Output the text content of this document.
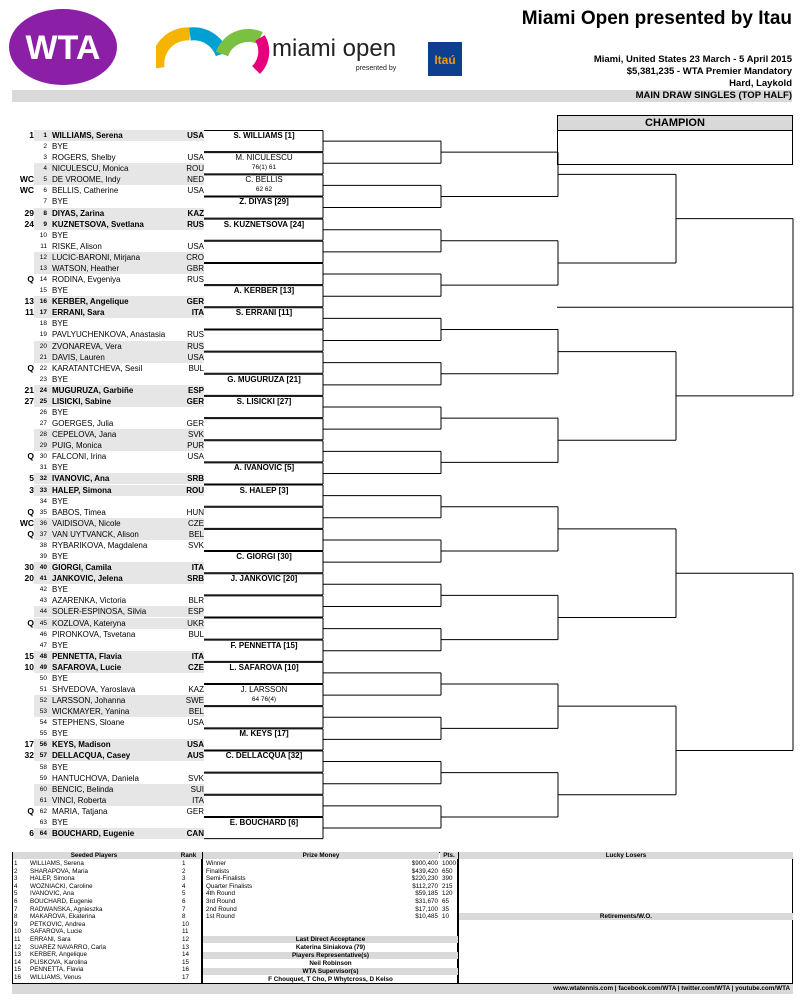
WTA	miami open
presented by
Itaú
Miami Open presented by Itau
Miami, United States 23 March - 5 April 2015
$5,381,235 - WTA Premier Mandatory
Hard, Laykold
MAIN DRAW SINGLES (TOP HALF)
CHAMPION
1	1 WILLIAMS, Serena	USA
2 BYE
3 ROGERS, Shelby	USA
4 NICULESCU, Monica	ROU
WC	5 DE VROOME, Indy	NED
WC	6 BELLIS, Catherine	USA
7 BYE
29	8 DIYAS, Zarina	KAZ
24	9 KUZNETSOVA, Svetlana	RUS
10 BYE
11 RISKE, Alison	USA
12 LUCIC-BARONI, Mirjana	CRO
13 WATSON, Heather	GBR
Q 14 RODINA, Evgeniya	RUS
15 BYE
13 16 KERBER, Angelique	GER
11 17 ERRANI, Sara	ITA
18 BYE
19 PAVLYUCHENKOVA, Anastasia	RUS
20 ZVONAREVA, Vera	RUS
21 DAVIS, Lauren	USA
Q 22 KARATANTCHEVA, Sesil	BUL
23 BYE
21 24 MUGURUZA, Garbiñe	ESP
27 25 LISICKI, Sabine	GER
26 BYE
27 GOERGES, Julia	GER
28 CEPELOVA, Jana	SVK
29 PUIG, Monica	PUR
Q 30 FALCONI, Irina	USA
31 BYE
5 32 IVANOVIC, Ana	SRB
3 33 HALEP, Simona	ROU
34 BYE
Q 35 BABOS, Timea	HUN
WC 36 VAIDISOVA, Nicole	CZE
Q 37 VAN UYTVANCK, Alison	BEL
38 RYBARIKOVA, Magdalena	SVK
39 BYE
30 40 GIORGI, Camila	ITA
20 41 JANKOVIC, Jelena	SRB
42 BYE
43 AZARENKA, Victoria	BLR
44 SOLER-ESPINOSA, Silvia	ESP
Q 45 KOZLOVA, Kateryna	UKR
46 PIRONKOVA, Tsvetana	BUL
47 BYE
15 48 PENNETTA, Flavia	ITA
10 49 SAFAROVA, Lucie	CZE
50 BYE
51 SHVEDOVA, Yaroslava	KAZ
52 LARSSON, Johanna	SWE
53 WICKMAYER, Yanina	BEL
54 STEPHENS, Sloane	USA
55 BYE
17 56 KEYS, Madison	USA
32 57 DELLACQUA, Casey	AUS
58 BYE
59 HANTUCHOVA, Daniela	SVK
60 BENCIC, Belinda	SUI
61 VINCI, Roberta	ITA
Q 62 MARIA, Tatjana	GER
63 BYE
6 64 BOUCHARD, Eugenie	CAN
S. WILLIAMS [1]
M. NICULESCU
76(1) 61
C. BELLIS
62 62
Z. DIYAS [29]
S. KUZNETSOVA [24]
A. KERBER [13]
S. ERRANI [11]
G. MUGURUZA [21]
S. LISICKI [27]
A. IVANOVIC [5]
S. HALEP [3]
C. GIORGI [30]
J. JANKOVIC [20]
F. PENNETTA [15]
L. SAFAROVA [10]
J. LARSSON
64 76(4)
M. KEYS [17]
C. DELLACQUA [32]
E. BOUCHARD [6]
Seeded Players	Rank	Prize Money	Pts.
Last Direct Acceptance
Katerina Siniakova (79)
Players Representative(s)
Neil Robinson
WTA Supervisor(s)
F Chouquet, T Cho, P Whytcross, D Kelso
Lucky Losers
Retirements/W.O.
www.wtatennis.com | facebook.com/WTA | twitter.com/WTA | youtube.com/WTA
1 WILLIAMS, Serena	1
2 SHARAPOVA, Maria	2
3 HALEP, Simona	3
4 WOZNIACKI, Caroline	4
5 IVANOVIC, Ana	5
6 BOUCHARD, Eugenie	6
7 RADWANSKA, Agnieszka	7
8 MAKAROVA, Ekaterina	8
9 PETKOVIC, Andrea	10
10 SAFAROVA, Lucie	11
11 ERRANI, Sara	12
12 SUAREZ NAVARRO, Carla	13
13 KERBER, Angelique	14
14 PLISKOVA, Karolina	15
15 PENNETTA, Flavia	16
16 WILLIAMS, Venus	17
Winner	$900,400 1000
Finalists	$439,420 650
Semi-Finalists	$220,230 390
Quarter Finalists	$112,270 215
4th Round	$59,185 120
3rd Round	$31,670 65
2nd Round	$17,100 35
1st Round	$10,485 10
